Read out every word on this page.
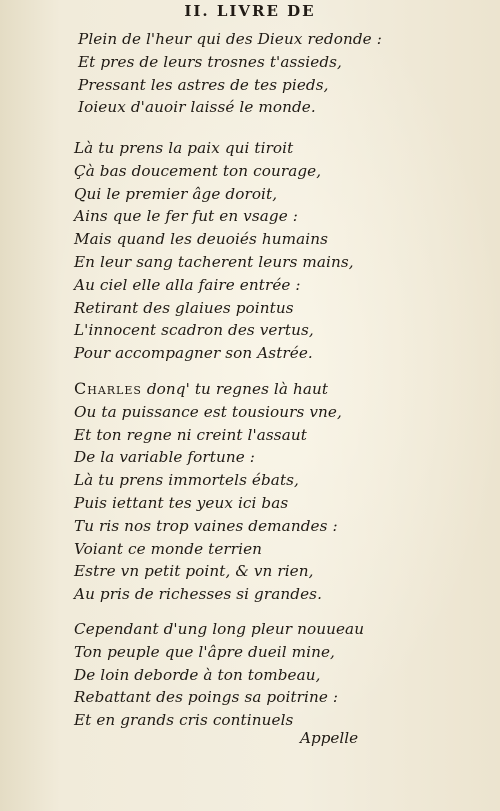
II. LIVRE DE
Plein de l'heur qui des Dieux redonde :
Et pres de leurs trosnes t'assieds,
Pressant les astres de tes pieds,
Ioieux d'auoir laissé le monde.
Là tu prens la paix qui tiroit
Çà bas doucement ton courage,
Qui le premier âge doroit,
Ains que le fer fut en vsage :
Mais quand les deuoiés humains
En leur sang tacherent leurs mains,
Au ciel elle alla faire entrée :
Retirant des glaiues pointus
L'innocent scadron des vertus,
Pour accompagner son Astrée.
Charles donq' tu regnes là haut
Ou ta puissance est tousiours vne,
Et ton regne ni creint l'assaut
De la variable fortune :
Là tu prens immortels ébats,
Puis iettant tes yeux ici bas
Tu ris nos trop vaines demandes :
Voiant ce monde terrien
Estre vn petit point, & vn rien,
Au pris de richesses si grandes.
Cependant d'ung long pleur nouueau
Ton peuple que l'âpre dueil mine,
De loin deborde à ton tombeau,
Rebattant des poings sa poitrine :
Et en grands cris continuels
Appelle
